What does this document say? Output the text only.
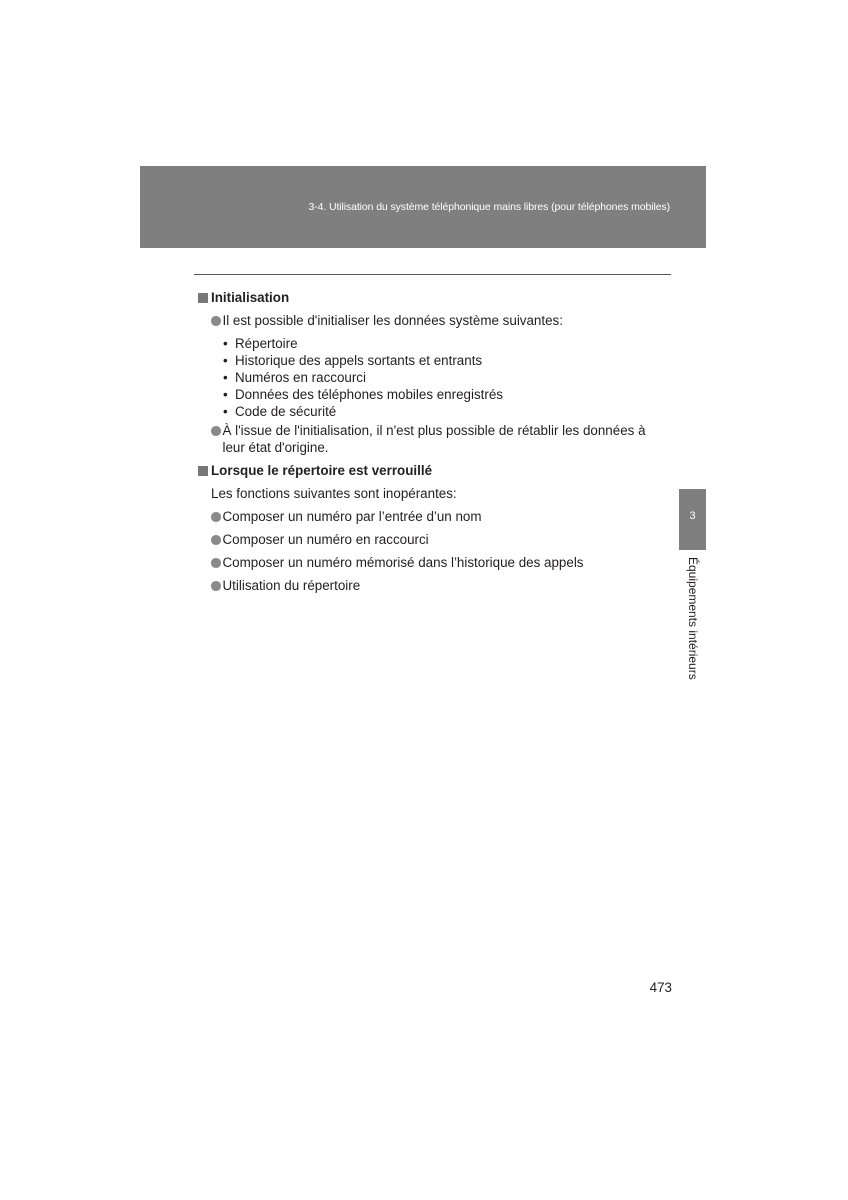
3-4. Utilisation du système téléphonique mains libres (pour téléphones mobiles)
Initialisation
Il est possible d'initialiser les données système suivantes:
• Répertoire
• Historique des appels sortants et entrants
• Numéros en raccourci
• Données des téléphones mobiles enregistrés
• Code de sécurité
À l'issue de l'initialisation, il n'est plus possible de rétablir les données à leur état d'origine.
Lorsque le répertoire est verrouillé
Les fonctions suivantes sont inopérantes:
Composer un numéro par l’entrée d’un nom
Composer un numéro en raccourci
Composer un numéro mémorisé dans l’historique des appels
Utilisation du répertoire
3
Équipements intérieurs
473
